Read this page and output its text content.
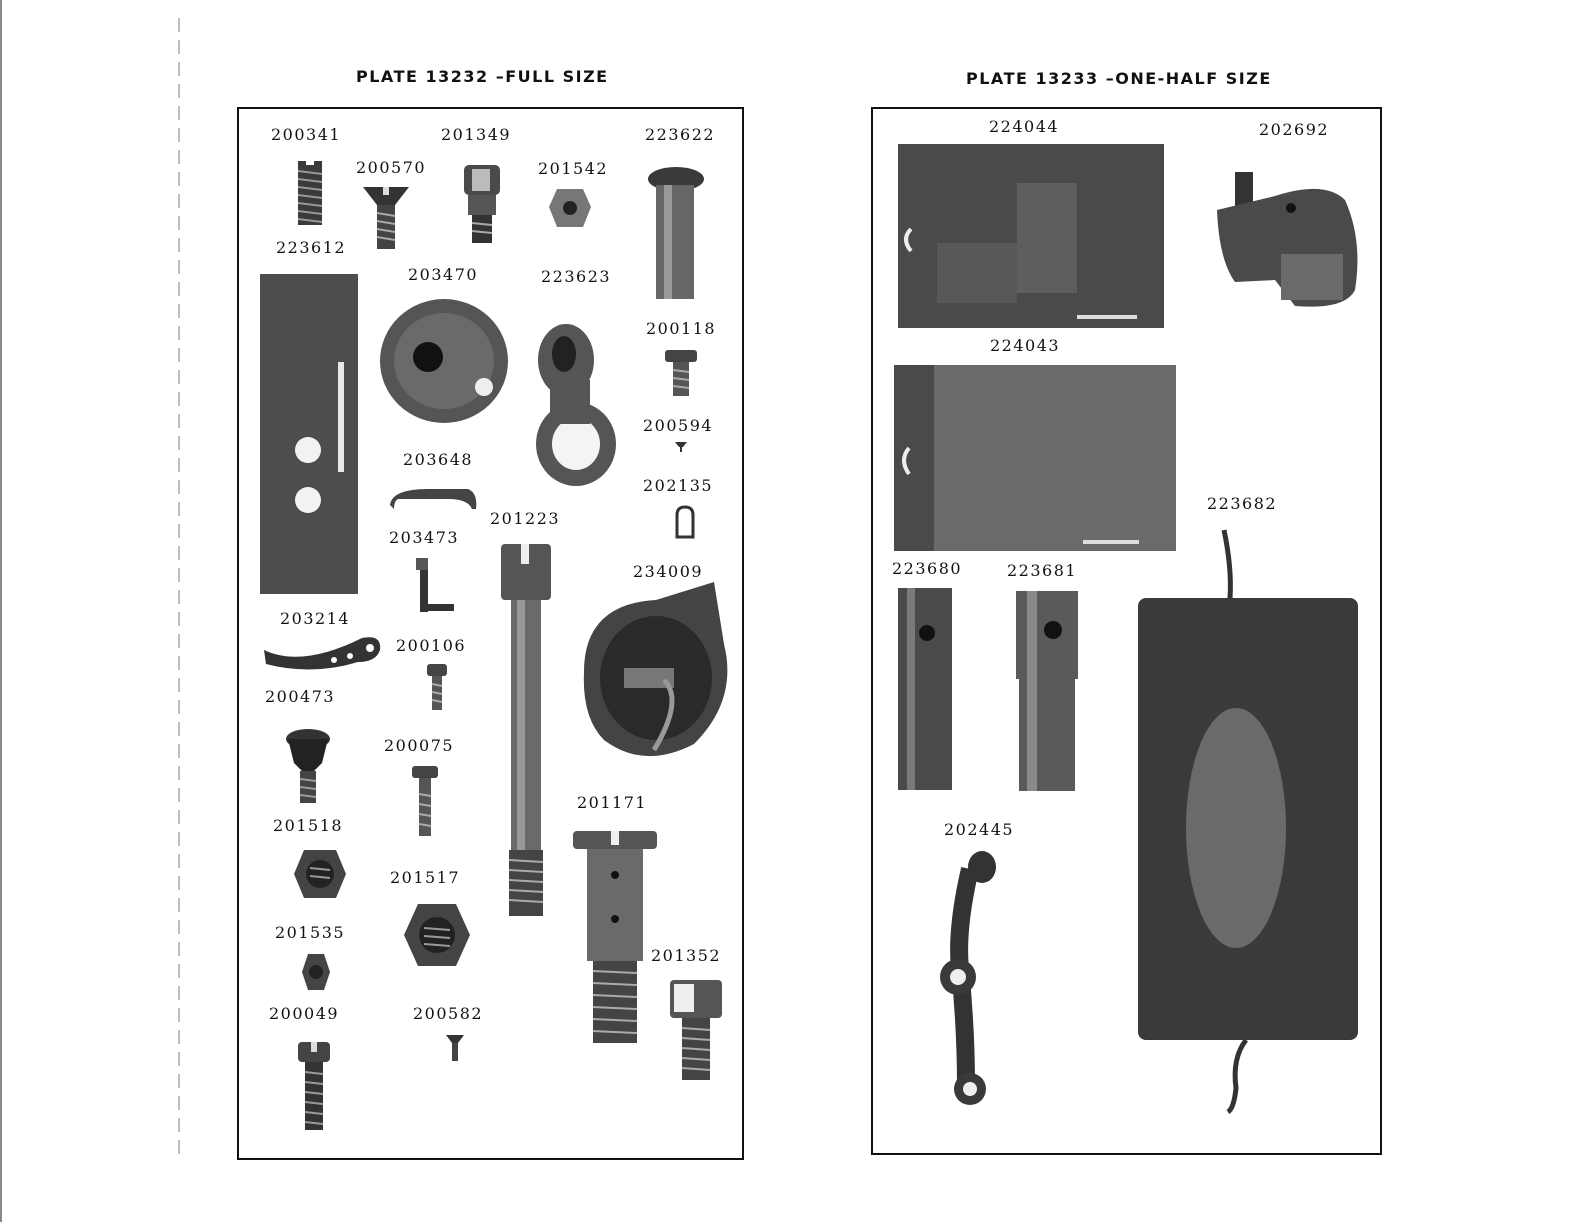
PLATE 13232 –FULL SIZE
200341	201349	223622
200570	201542
223612
203470	223623
200118
200594
203648
202135
201223
203473
234009
203214
200106
200473
200075
201171
201518
201517
201535
201352
200049	200582
PLATE 13233 –ONE-HALF SIZE
224044	202692
224043
223682
223680	223681
202445
